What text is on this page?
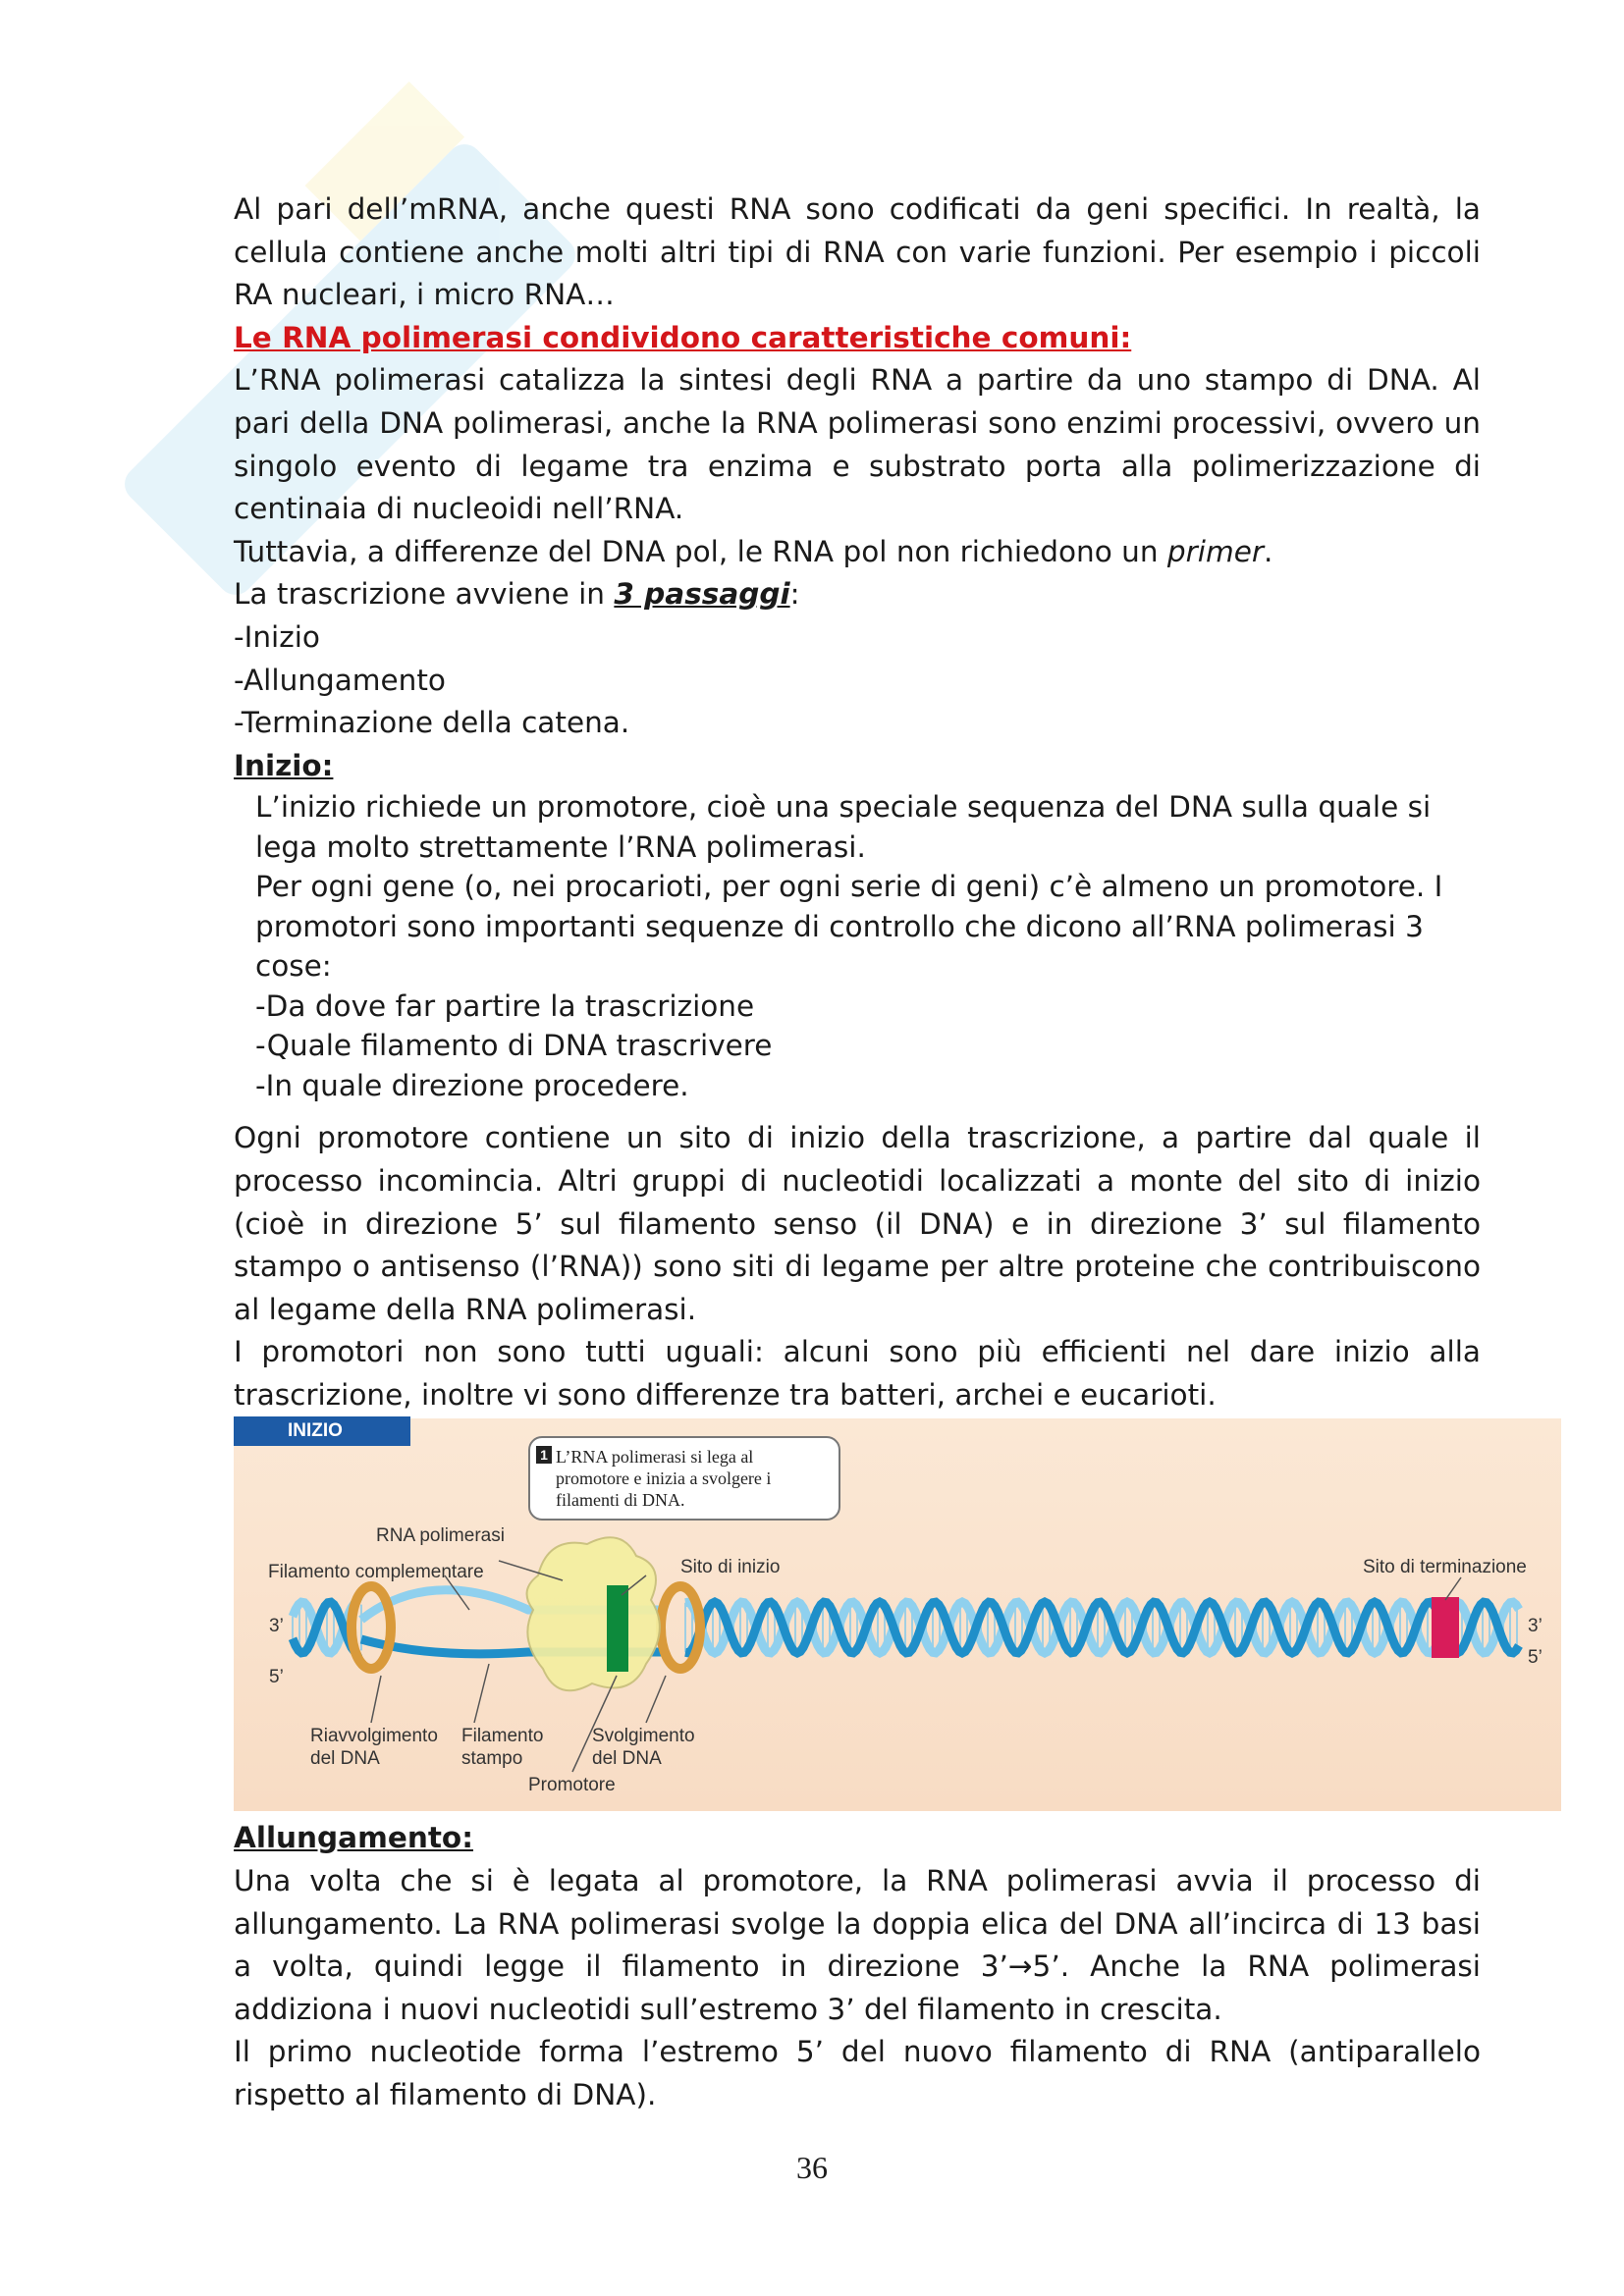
Al pari dell’mRNA, anche questi RNA sono codificati da geni specifici. In realtà, la cellula contiene anche molti altri tipi di RNA con varie funzioni. Per esempio i piccoli RA nucleari, i micro RNA…

Le RNA polimerasi condividono caratteristiche comuni:

L’RNA polimerasi catalizza la sintesi degli RNA a partire da uno stampo di DNA. Al pari della DNA polimerasi, anche la RNA polimerasi sono enzimi processivi, ovvero un singolo evento di legame tra enzima e substrato porta alla polimerizzazione di centinaia di nucleoidi nell’RNA.

Tuttavia, a differenze del DNA pol, le RNA pol non richiedono un primer.

La trascrizione avviene in 3 passaggi:

-Inizio

-Allungamento

-Terminazione della catena.

Inizio:

L’inizio richiede un promotore, cioè una speciale sequenza del DNA sulla quale si lega molto strettamente l’RNA polimerasi.

Per ogni gene (o, nei procarioti, per ogni serie di geni) c’è almeno un promotore. I promotori sono importanti sequenze di controllo che dicono all’RNA polimerasi 3 cose:

-Da dove far partire la trascrizione

-Quale filamento di DNA trascrivere

-In quale direzione procedere.

Ogni promotore contiene un sito di inizio della trascrizione, a partire dal quale il processo incomincia. Altri gruppi di nucleotidi localizzati a monte del sito di inizio (cioè in direzione 5’ sul filamento senso (il DNA) e in direzione 3’ sul filamento stampo o antisenso (l’RNA)) sono siti di legame per altre proteine che contribuiscono al legame della RNA polimerasi.

I promotori non sono tutti uguali: alcuni sono più efficienti nel dare inizio alla trascrizione, inoltre vi sono differenze tra batteri, archei e eucarioti.

INIZIO
1 L’RNA polimerasi si lega al promotore e inizia a svolgere i filamenti di DNA.
RNA polimerasi
Filamento complementare	Sito di inizio	Sito di terminazione
3’
5’
3’
5’
Riavvolgimento del DNA
Filamento stampo
Svolgimento del DNA
Promotore

Allungamento:

Una volta che si è legata al promotore, la RNA polimerasi avvia il processo di allungamento. La RNA polimerasi svolge la doppia elica del DNA all’incirca di 13 basi a volta, quindi legge il filamento in direzione 3’→5’. Anche la RNA polimerasi addiziona i nuovi nucleotidi sull’estremo 3’ del filamento in crescita.

Il primo nucleotide forma l’estremo 5’ del nuovo filamento di RNA (antiparallelo rispetto al filamento di DNA).

36
